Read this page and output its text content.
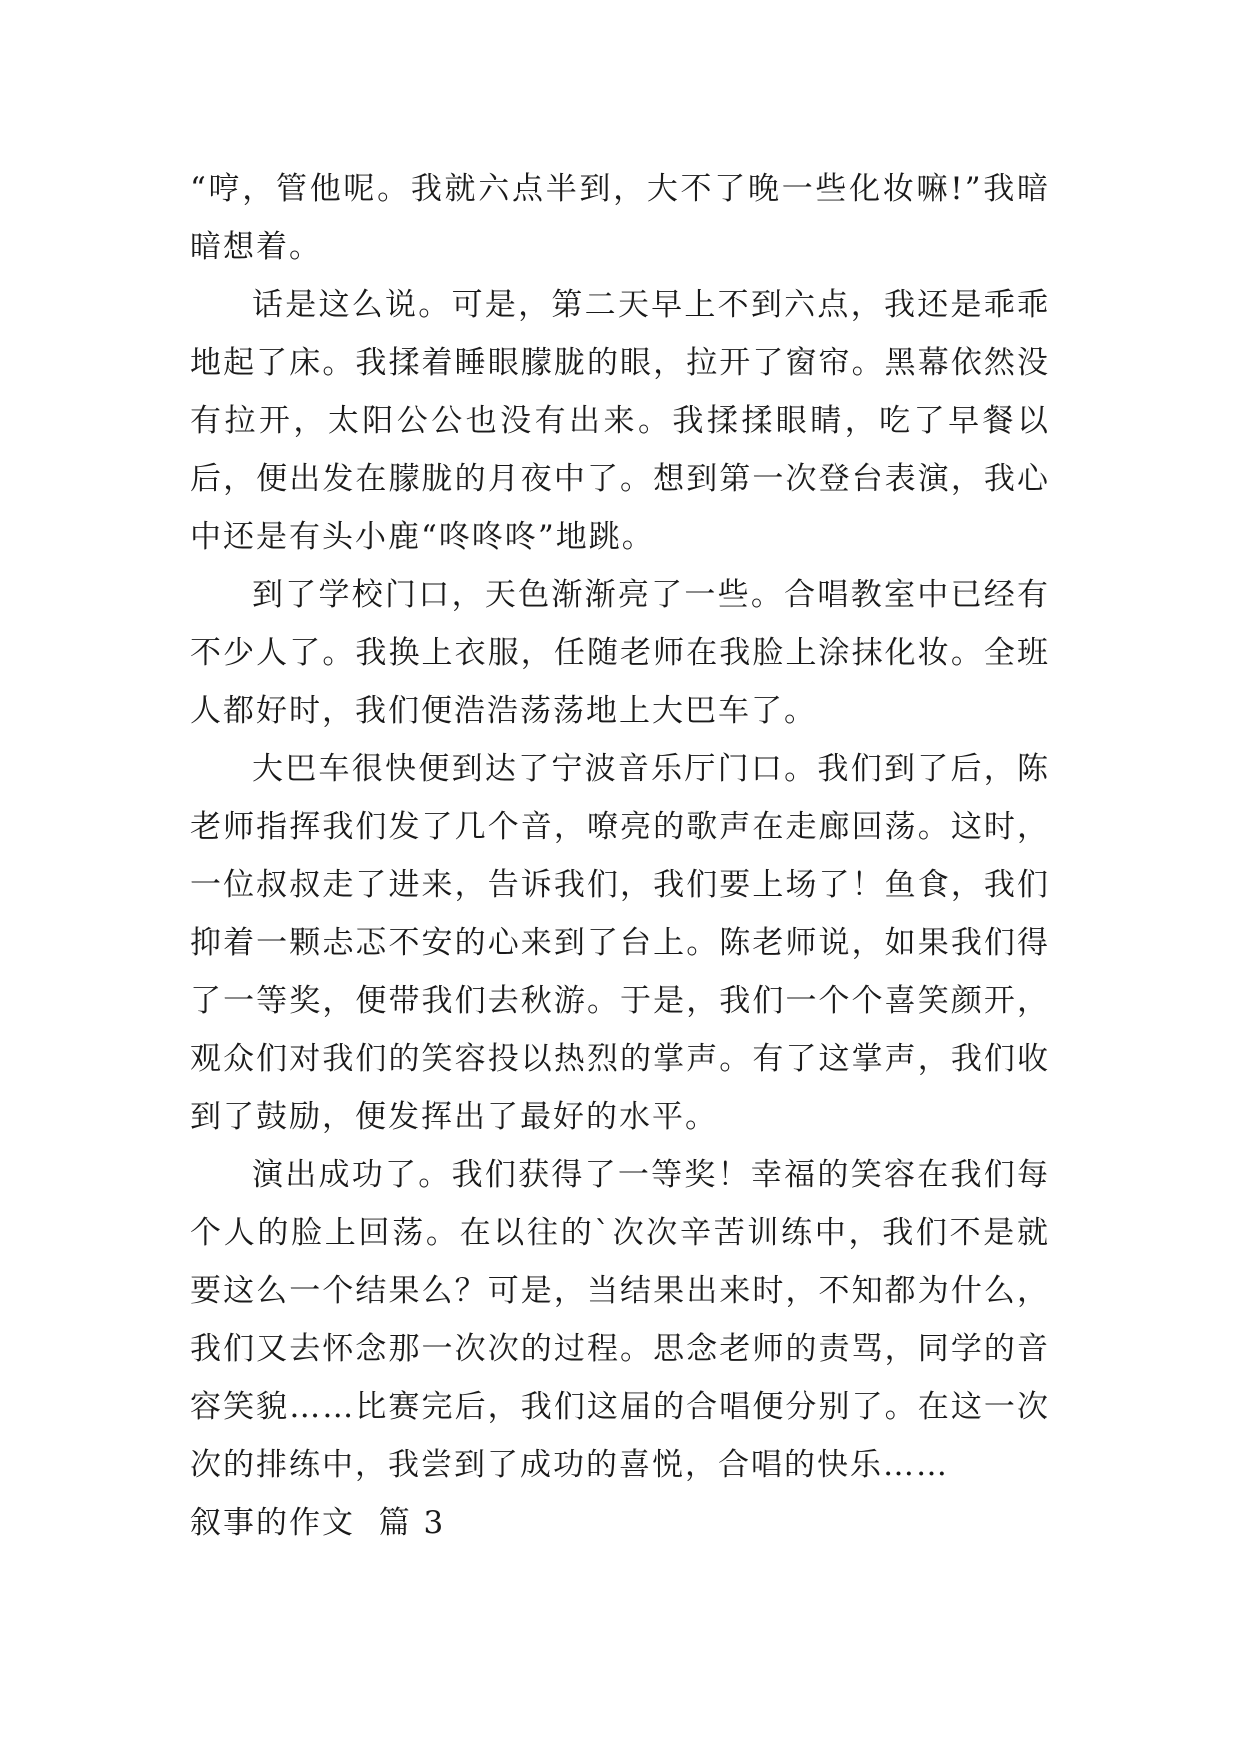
“哼，管他呢。我就六点半到，大不了晚一些化妆嘛!”我暗暗想着。

话是这么说。可是，第二天早上不到六点，我还是乖乖地起了床。我揉着睡眼朦胧的眼，拉开了窗帘。黑幕依然没有拉开，太阳公公也没有出来。我揉揉眼睛，吃了早餐以后，便出发在朦胧的月夜中了。想到第一次登台表演，我心中还是有头小鹿“咚咚咚”地跳。

到了学校门口，天色渐渐亮了一些。合唱教室中已经有不少人了。我换上衣服，任随老师在我脸上涂抹化妆。全班人都好时，我们便浩浩荡荡地上大巴车了。

大巴车很快便到达了宁波音乐厅门口。我们到了后，陈老师指挥我们发了几个音，嘹亮的歌声在走廊回荡。这时，一位叔叔走了进来，告诉我们，我们要上场了！鱼食，我们抑着一颗忐忑不安的心来到了台上。陈老师说，如果我们得了一等奖，便带我们去秋游。于是，我们一个个喜笑颜开，观众们对我们的笑容投以热烈的掌声。有了这掌声，我们收到了鼓励，便发挥出了最好的水平。

演出成功了。我们获得了一等奖！幸福的笑容在我们每个人的脸上回荡。在以往的`次次辛苦训练中，我们不是就要这么一个结果么？可是，当结果出来时，不知都为什么，我们又去怀念那一次次的过程。思念老师的责骂，同学的音容笑貌……比赛完后，我们这届的合唱便分别了。在这一次次的排练中，我尝到了成功的喜悦，合唱的快乐……

叙事的作文  篇 3
